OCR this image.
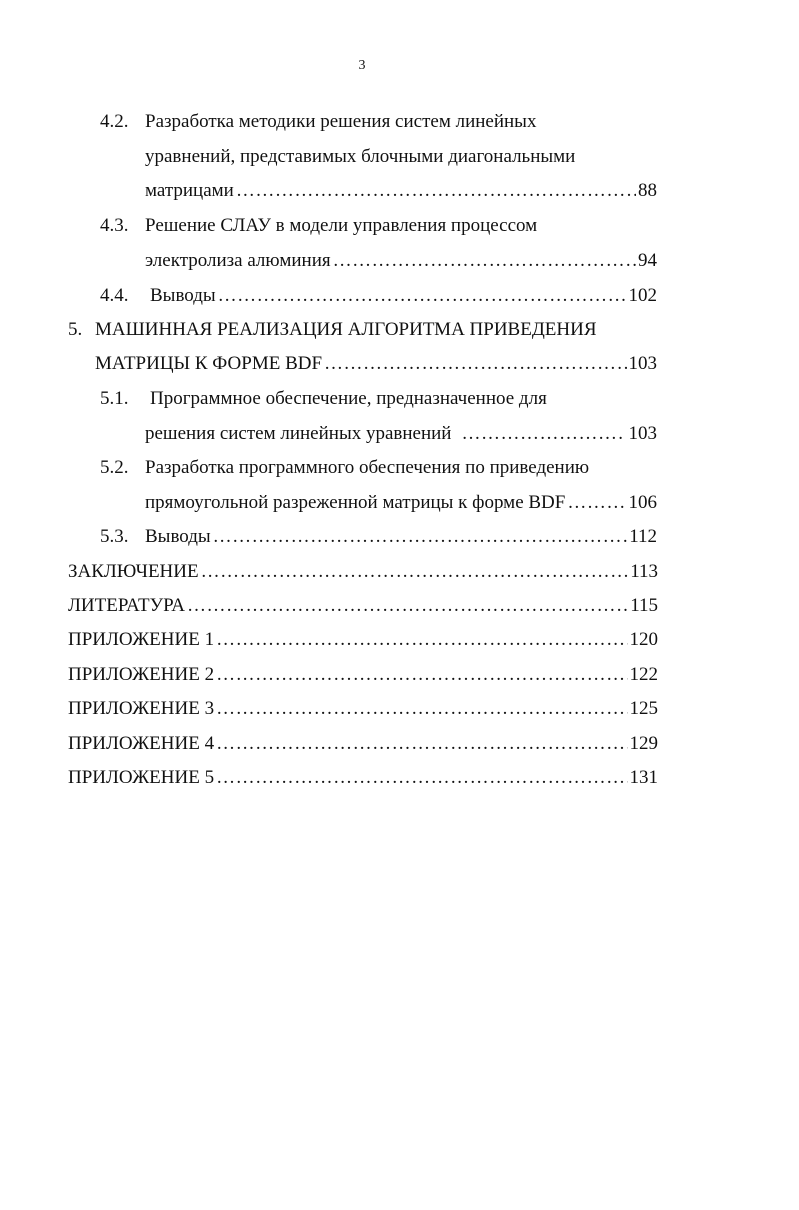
3
4.2. Разработка методики решения систем линейных
уравнений, представимых блочными диагональными
матрицами …………………………………………………………………………………………………………………………………………………………………………	88
4.3. Решение СЛАУ в модели управления процессом
электролиза алюминия …………………………………………………………………………………………………………………………………………………………………………	94
4.4. Выводы …………………………………………………………………………………………………………………………………………………………………………	102
5. МАШИННАЯ РЕАЛИЗАЦИЯ АЛГОРИТМА ПРИВЕДЕНИЯ
МАТРИЦЫ К ФОРМЕ BDF …………………………………………………………………………………………………………………………………………………………………………	103
5.1. Программное обеспечение, предназначенное для
решения систем линейных уравнений …………………………………………………………………………………………………………………………………………………………………………	103
5.2. Разработка программного обеспечения по приведению
прямоугольной разреженной матрицы к форме BDF …………………………………………………………………………………………………………………………………………………………………………	106
5.3. Выводы …………………………………………………………………………………………………………………………………………………………………………	112
ЗАКЛЮЧЕНИЕ …………………………………………………………………………………………………………………………………………………………………………	113
ЛИТЕРАТУРА …………………………………………………………………………………………………………………………………………………………………………	115
ПРИЛОЖЕНИЕ 1 …………………………………………………………………………………………………………………………………………………………………………	120
ПРИЛОЖЕНИЕ 2 …………………………………………………………………………………………………………………………………………………………………………	122
ПРИЛОЖЕНИЕ 3 …………………………………………………………………………………………………………………………………………………………………………	125
ПРИЛОЖЕНИЕ 4 …………………………………………………………………………………………………………………………………………………………………………	129
ПРИЛОЖЕНИЕ 5 …………………………………………………………………………………………………………………………………………………………………………	131
